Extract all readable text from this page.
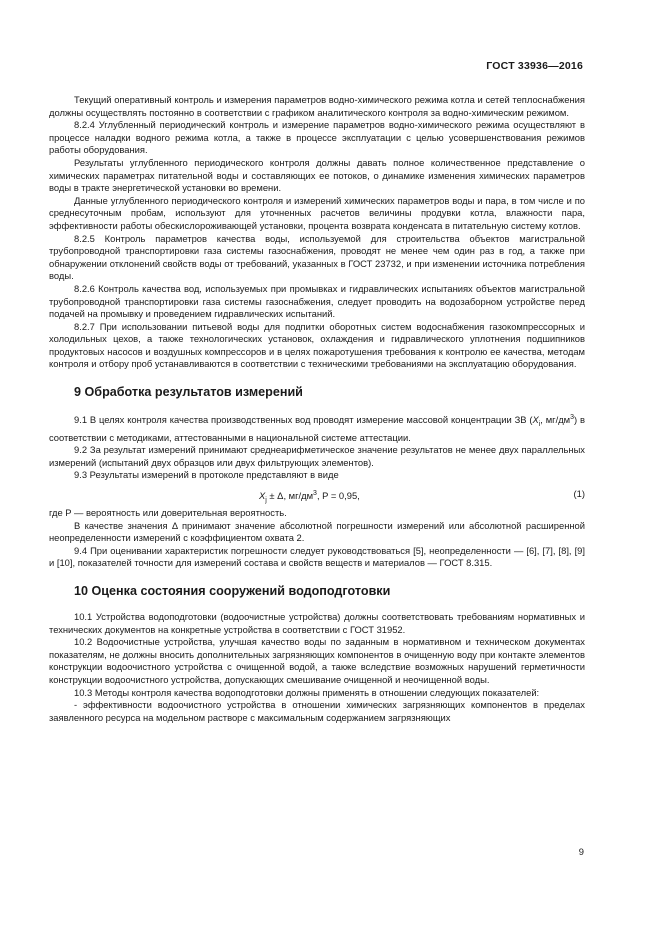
ГОСТ 33936—2016

Текущий оперативный контроль и измерения параметров водно-химического режима котла и сетей теплоснабжения должны осуществлять постоянно в соответствии с графиком аналитического контроля за водно-химическим режимом.

8.2.4 Углубленный периодический контроль и измерение параметров водно-химического режима осуществляют в процессе наладки водного режима котла, а также в процессе эксплуатации с целью усовершенствования режимов работы оборудования.

Результаты углубленного периодического контроля должны давать полное количественное представление о химических параметрах питательной воды и составляющих ее потоков, о динамике изменения химических параметров воды в тракте энергетической установки во времени.

Данные углубленного периодического контроля и измерений химических параметров воды и пара, в том числе и по среднесуточным пробам, используют для уточненных расчетов величины продувки котла, влажности пара, эффективности работы обескислороживающей установки, процента возврата конденсата в питательную систему котлов.

8.2.5 Контроль параметров качества воды, используемой для строительства объектов магистральной трубопроводной транспортировки газа системы газоснабжения, проводят не менее чем один раз в год, а также при обнаружении отклонений свойств воды от требований, указанных в ГОСТ 23732, и при изменении источника потребления воды.

8.2.6 Контроль качества вод, используемых при промывках и гидравлических испытаниях объектов магистральной трубопроводной транспортировки газа системы газоснабжения, следует проводить на водозаборном устройстве перед подачей на промывку и проведением гидравлических испытаний.

8.2.7 При использовании питьевой воды для подпитки оборотных систем водоснабжения газокомпрессорных и холодильных цехов, а также технологических установок, охлаждения и гидравлического уплотнения подшипников продуктовых насосов и воздушных компрессоров и в целях пожаротушения требования к контролю ее качества, методам контроля и отбору проб устанавливаются в соответствии с техническими требованиями на эксплуатацию оборудования.

9 Обработка результатов измерений

9.1 В целях контроля качества производственных вод проводят измерение массовой концентрации ЗВ ($X_i$, $мг/дм^3$) в соответствии с методиками, аттестованными в национальной системе аттестации.

9.2 За результат измерений принимают среднеарифметическое значение результатов не менее двух параллельных измерений (испытаний двух образцов или двух фильтрующих элементов).

9.3 Результаты измерений в протоколе представляют в виде

$X_j \pm \Delta$, $мг/дм^3$, P = 0,95,	(1)

где P — вероятность или доверительная вероятность.

В качестве значения Δ принимают значение абсолютной погрешности измерений или абсолютной расширенной неопределенности измерений с коэффициентом охвата 2.

9.4 При оценивании характеристик погрешности следует руководствоваться [5], неопределенности — [6], [7], [8], [9] и [10], показателей точности для измерений состава и свойств веществ и материалов — ГОСТ 8.315.

10 Оценка состояния сооружений водоподготовки

10.1 Устройства водоподготовки (водоочистные устройства) должны соответствовать требованиям нормативных и технических документов на конкретные устройства в соответствии с ГОСТ 31952.

10.2 Водоочистные устройства, улучшая качество воды по заданным в нормативном и техническом документах показателям, не должны вносить дополнительных загрязняющих компонентов в очищенную воду при контакте элементов конструкции водоочистного устройства с очищенной водой, а также вследствие возможных нарушений герметичности конструкции водоочистного устройства, допускающих смешивание очищенной и неочищенной воды.

10.3 Методы контроля качества водоподготовки должны применять в отношении следующих показателей:

- эффективности водоочистного устройства в отношении химических загрязняющих компонентов в пределах заявленного ресурса на модельном растворе с максимальным содержанием загрязняющих

9
